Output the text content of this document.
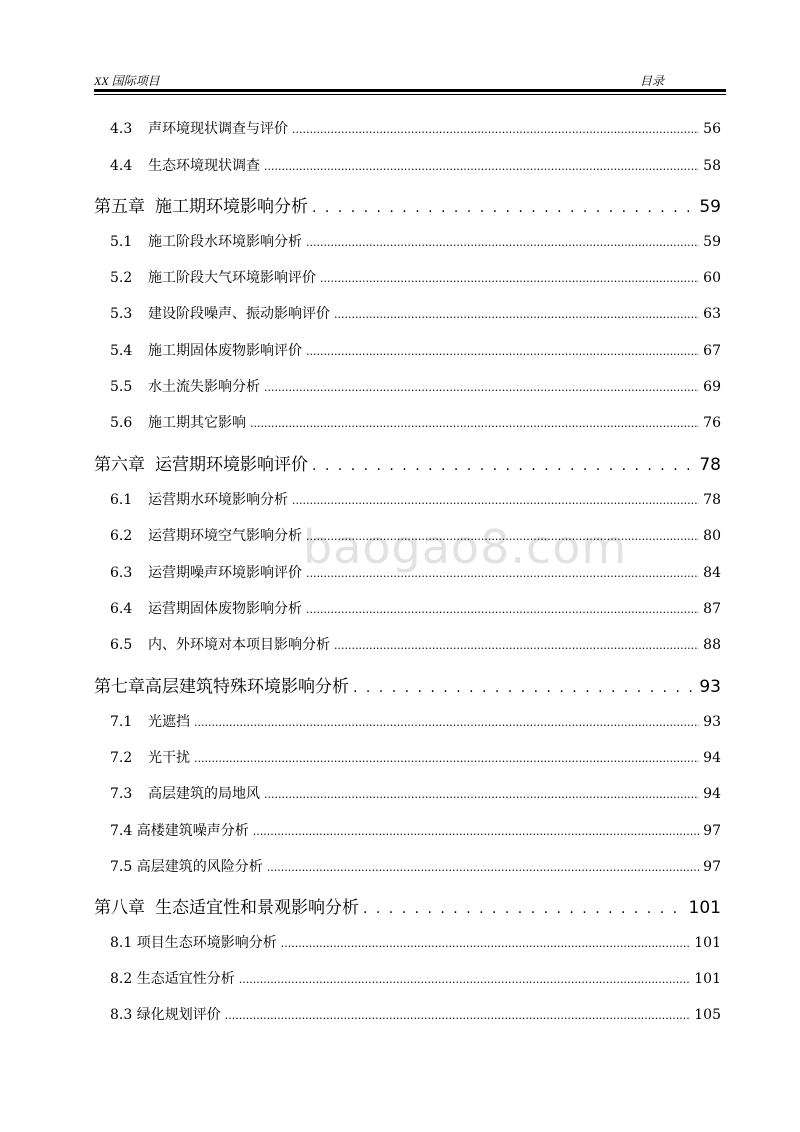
XX 国际项目	目录
baogao8.com
4.3	声环境现状调查与评价 .....	56
4.4	生态环境现状调查 .....	58
第五章 施工期环境影响分析 . . .	59
5.1	施工阶段水环境影响分析 .....	59
5.2	施工阶段大气环境影响评价 .....	60
5.3	建设阶段噪声、振动影响评价 .....	63
5.4	施工期固体废物影响评价 .....	67
5.5	水土流失影响分析 .....	69
5.6	施工期其它影响 .....	76
第六章 运营期环境影响评价 . . .	78
6.1	运营期水环境影响分析 .....	78
6.2	运营期环境空气影响分析 .....	80
6.3	运营期噪声环境影响评价 .....	84
6.4	运营期固体废物影响分析 .....	87
6.5	内、外环境对本项目影响分析 .....	88
第七章高层建筑特殊环境影响分析 . . .	93
7.1	光遮挡 .....	93
7.2	光干扰 .....	94
7.3	高层建筑的局地风 .....	94
7.4 高楼建筑噪声分析 .....	97
7.5 高层建筑的风险分析 .....	97
第八章 生态适宜性和景观影响分析 . . .	101
8.1 项目生态环境影响分析 .....	101
8.2 生态适宜性分析 .....	101
8.3 绿化规划评价 .....	105
